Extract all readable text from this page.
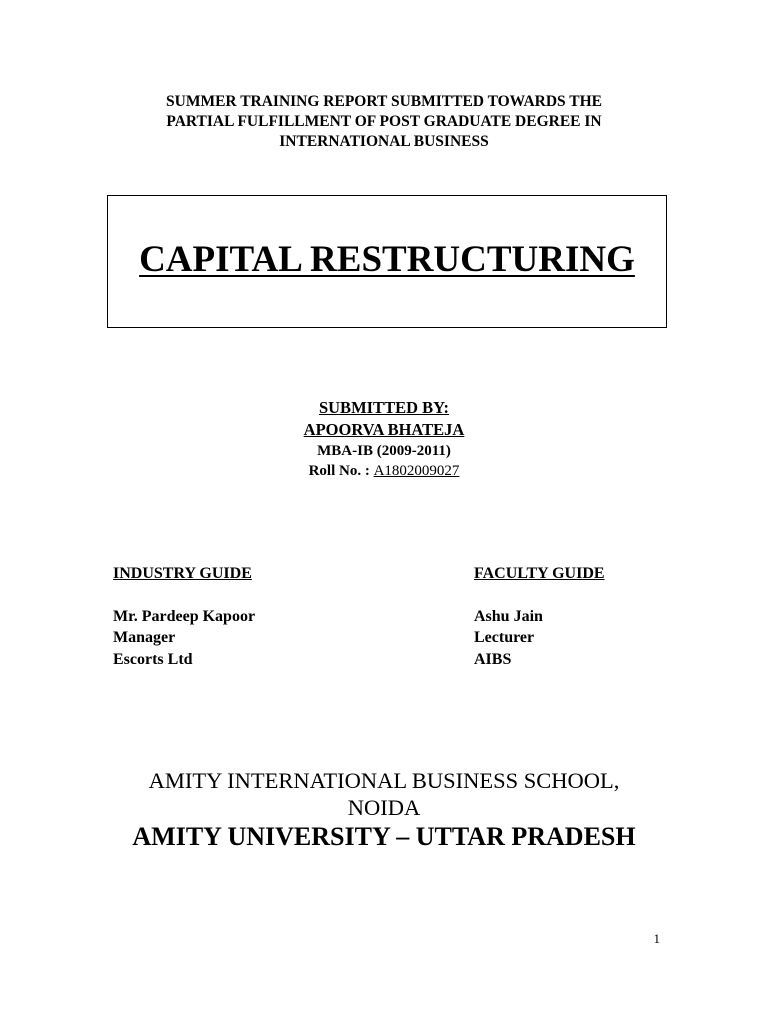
SUMMER TRAINING REPORT SUBMITTED TOWARDS THE
PARTIAL FULFILLMENT OF POST GRADUATE DEGREE IN
INTERNATIONAL BUSINESS
CAPITAL RESTRUCTURING
SUBMITTED BY:
APOORVA BHATEJA
MBA-IB (2009-2011)
Roll No. : A1802009027
INDUSTRY GUIDE
Mr. Pardeep Kapoor
Manager
Escorts Ltd
FACULTY GUIDE
Ashu Jain
Lecturer
AIBS
AMITY INTERNATIONAL BUSINESS SCHOOL,
NOIDA
AMITY UNIVERSITY – UTTAR PRADESH
1
